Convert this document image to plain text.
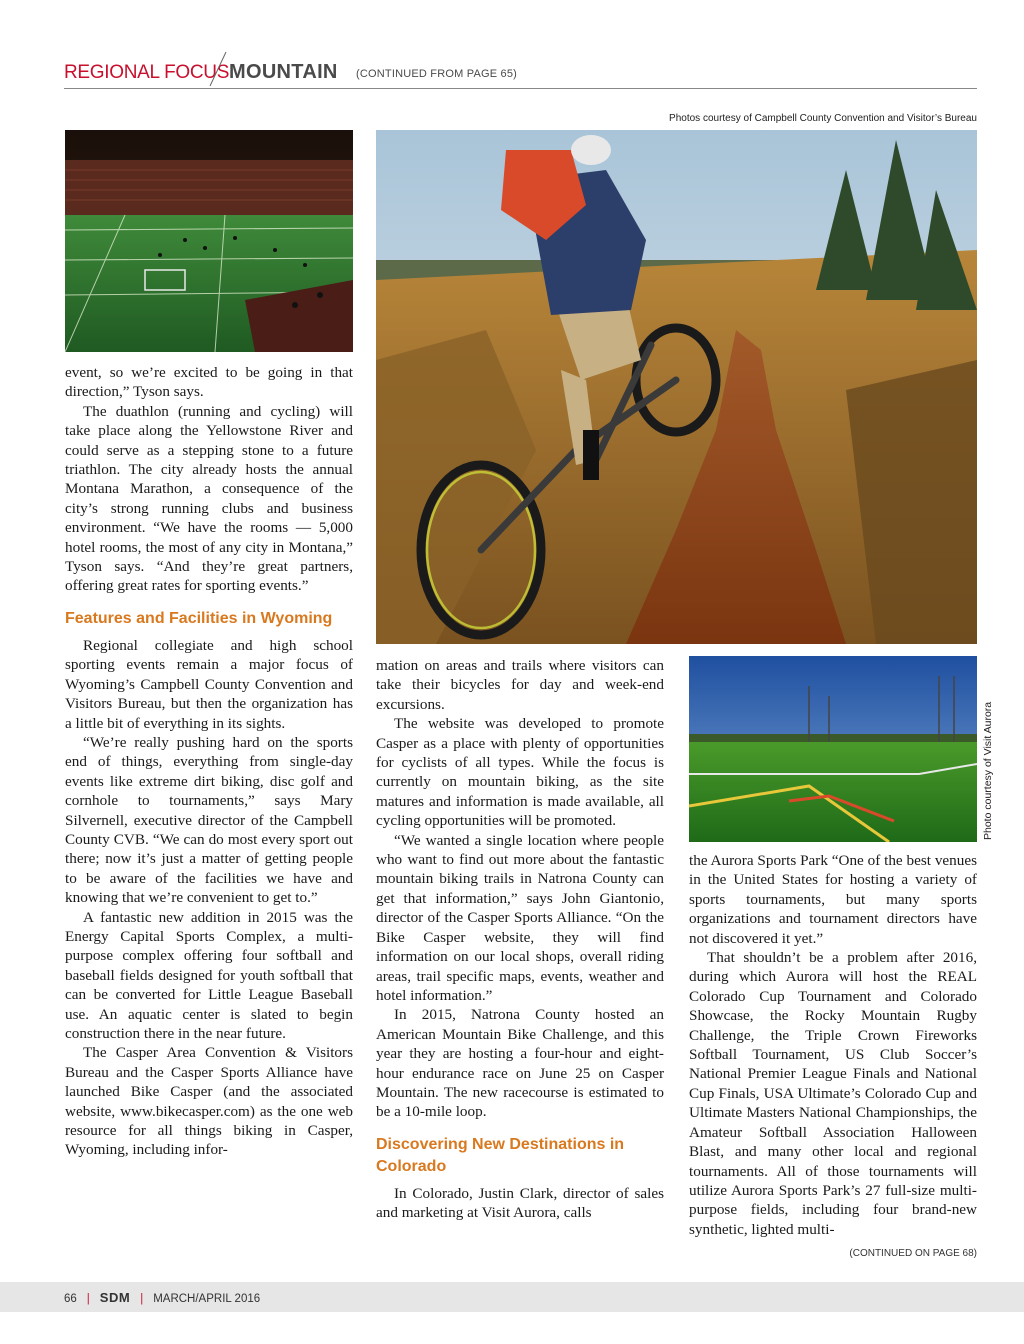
REGIONAL FOCUS MOUNTAIN (CONTINUED FROM PAGE 65)
Photos courtesy of Campbell County Convention and Visitor’s Bureau
Photo courtesy of Visit Aurora

event, so we’re excited to be going in that direction,” Tyson says.

The duathlon (running and cycling) will take place along the Yellowstone River and could serve as a stepping stone to a future triathlon. The city already hosts the annual Montana Marathon, a consequence of the city’s strong running clubs and business environment. “We have the rooms — 5,000 hotel rooms, the most of any city in Montana,” Tyson says. “And they’re great partners, offering great rates for sporting events.”

Features and Facilities in Wyoming

Regional collegiate and high school sporting events remain a major focus of Wyoming’s Campbell County Convention and Visitors Bureau, but then the organization has a little bit of everything in its sights.

“We’re really pushing hard on the sports end of things, everything from single-day events like extreme dirt biking, disc golf and cornhole to tournaments,” says Mary Silvernell, executive director of the Campbell County CVB. “We can do most every sport out there; now it’s just a matter of getting people to be aware of the facilities we have and knowing that we’re convenient to get to.”

A fantastic new addition in 2015 was the Energy Capital Sports Complex, a multi-purpose complex offering four softball and baseball fields designed for youth softball that can be converted for Little League Baseball use. An aquatic center is slated to begin construction there in the near future.

The Casper Area Convention & Visitors Bureau and the Casper Sports Alliance have launched Bike Casper (and the associated website, www.bikecasper.com) as the one web resource for all things biking in Casper, Wyoming, including infor-

mation on areas and trails where visitors can take their bicycles for day and week-end excursions.

The website was developed to promote Casper as a place with plenty of opportunities for cyclists of all types. While the focus is currently on mountain biking, as the site matures and information is made available, all cycling opportunities will be promoted.

“We wanted a single location where people who want to find out more about the fantastic mountain biking trails in Natrona County can get that information,” says John Giantonio, director of the Casper Sports Alliance. “On the Bike Casper website, they will find information on our local shops, overall riding areas, trail specific maps, events, weather and hotel information.”

In 2015, Natrona County hosted an American Mountain Bike Challenge, and this year they are hosting a four-hour and eight-hour endurance race on June 25 on Casper Mountain. The new racecourse is estimated to be a 10-mile loop.

Discovering New Destinations in Colorado

In Colorado, Justin Clark, director of sales and marketing at Visit Aurora, calls

the Aurora Sports Park “One of the best venues in the United States for hosting a variety of sports tournaments, but many sports organizations and tournament directors have not discovered it yet.”

That shouldn’t be a problem after 2016, during which Aurora will host the REAL Colorado Cup Tournament and Colorado Showcase, the Rocky Mountain Rugby Challenge, the Triple Crown Fireworks Softball Tournament, US Club Soccer’s National Premier League Finals and National Cup Finals, USA Ultimate’s Colorado Cup and Ultimate Masters National Championships, the Amateur Softball Association Halloween Blast, and many other local and regional tournaments. All of those tournaments will utilize Aurora Sports Park’s 27 full-size multi-purpose fields, including four brand-new synthetic, lighted multi-

(CONTINUED ON PAGE 68)
66 | SDM | MARCH/APRIL 2016
